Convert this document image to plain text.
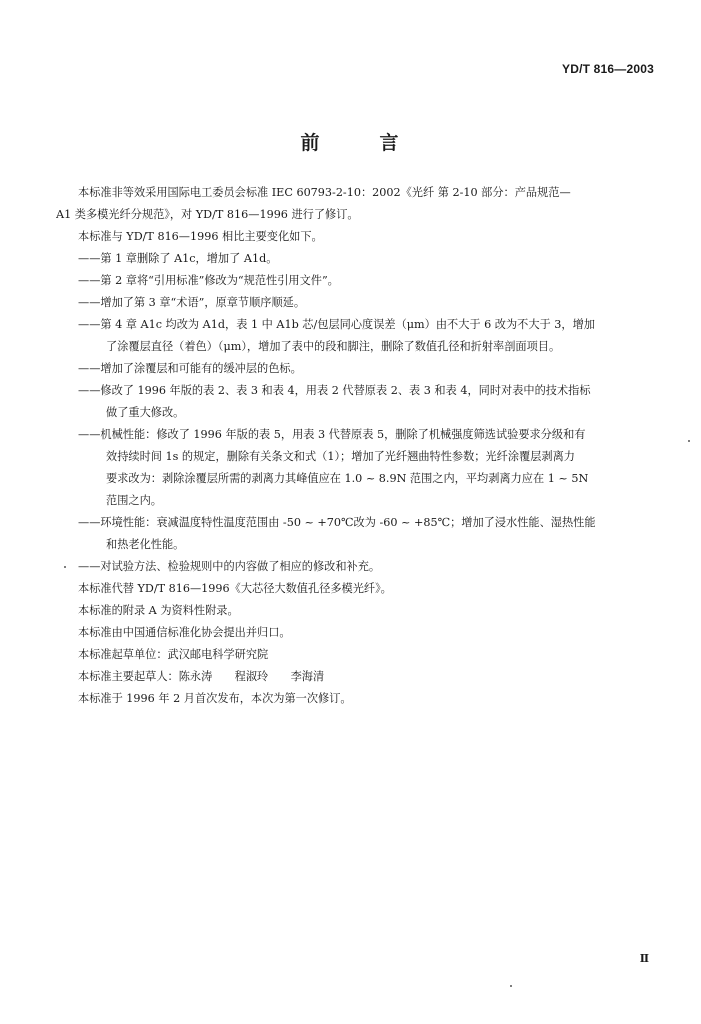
YD/T 816—2003
前	言
本标准非等效采用国际电工委员会标准 IEC 60793-2-10：2002《光纤 第 2-10 部分：产品规范—
A1 类多模光纤分规范》，对 YD/T 816—1996 进行了修订。
本标准与 YD/T 816—1996 相比主要变化如下。
——第 1 章删除了 A1c，增加了 A1d。
——第 2 章将“引用标准”修改为“规范性引用文件”。
——增加了第 3 章“术语”，原章节顺序顺延。
——第 4 章 A1c 均改为 A1d，表 1 中 A1b 芯/包层同心度误差（μm）由不大于 6 改为不大于 3，增加
了涂覆层直径（着色）（μm），增加了表中的段和脚注，删除了数值孔径和折射率剖面项目。
——增加了涂覆层和可能有的缓冲层的色标。
——修改了 1996 年版的表 2、表 3 和表 4，用表 2 代替原表 2、表 3 和表 4，同时对表中的技术指标
做了重大修改。
——机械性能：修改了 1996 年版的表 5，用表 3 代替原表 5，删除了机械强度筛选试验要求分级和有
效持续时间 1s 的规定，删除有关条文和式（1）；增加了光纤翘曲特性参数；光纤涂覆层剥离力
要求改为：剥除涂覆层所需的剥离力其峰值应在 1.0 ~ 8.9N 范围之内，平均剥离力应在 1 ~ 5N
范围之内。
——环境性能：衰减温度特性温度范围由 -50 ~ +70℃改为 -60 ~ +85℃；增加了浸水性能、湿热性能
和热老化性能。
——对试验方法、检验规则中的内容做了相应的修改和补充。
本标准代替 YD/T 816—1996《大芯径大数值孔径多模光纤》。
本标准的附录 A 为资料性附录。
本标准由中国通信标准化协会提出并归口。
本标准起草单位：武汉邮电科学研究院
本标准主要起草人：陈永涛　　程淑玲　　李海清
本标准于 1996 年 2 月首次发布，本次为第一次修订。
Ⅱ
